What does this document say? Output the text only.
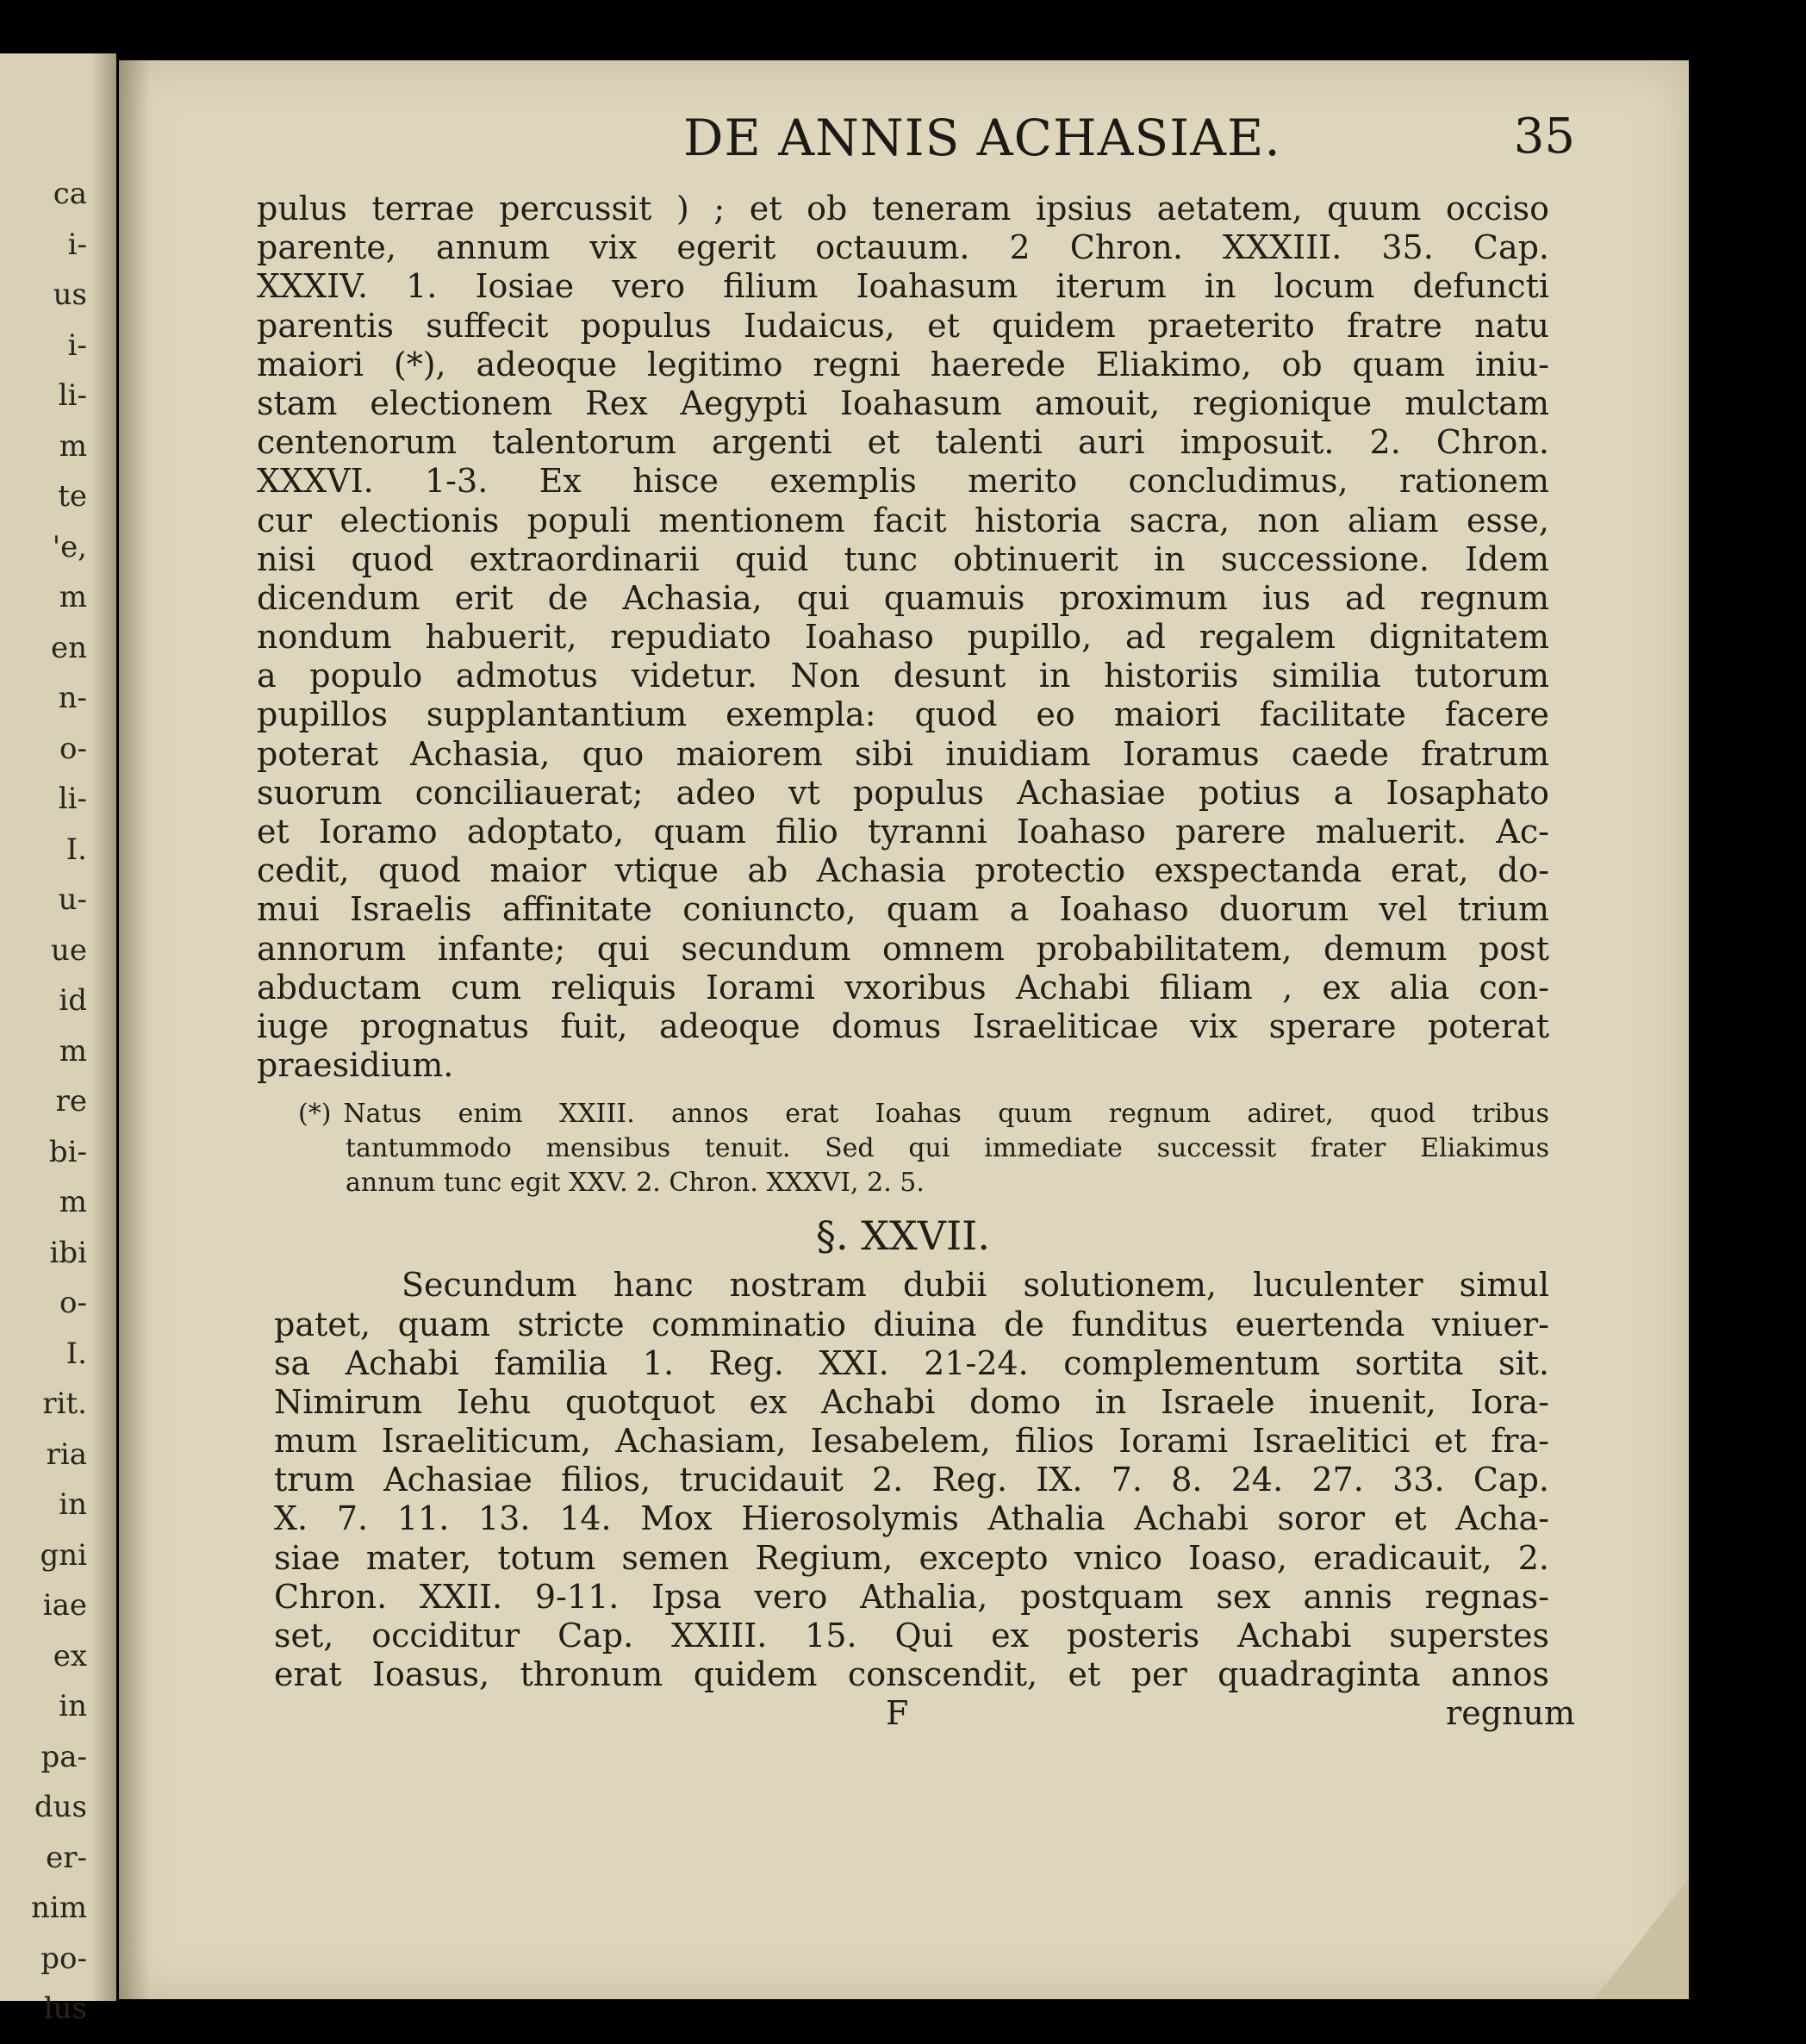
ca
i-
us
i-
li-
m
te
'e,
m
en
n-
o-
li-
I.
u-
ue
id
m
re
bi-
m
ibi
o-
I.
rit.
ria
in
gni
iae
ex
in
pa-
dus
er-
nim
po-
lus
DE ANNIS ACHASIAE.	35
pulus terrae percussit ) ; et ob teneram ipsius aetatem, quum occiso
parente, annum vix egerit octauum. 2 Chron. XXXIII. 35. Cap.
XXXIV. 1. Iosiae vero filium Ioahasum iterum in locum defuncti
parentis suffecit populus Iudaicus, et quidem praeterito fratre natu
maiori (*), adeoque legitimo regni haerede Eliakimo, ob quam iniu-
stam electionem Rex Aegypti Ioahasum amouit, regionique mulctam
centenorum talentorum argenti et talenti auri imposuit. 2. Chron.
XXXVI. 1-3. Ex hisce exemplis merito concludimus, rationem
cur electionis populi mentionem facit historia sacra, non aliam esse,
nisi quod extraordinarii quid tunc obtinuerit in successione. Idem
dicendum erit de Achasia, qui quamuis proximum ius ad regnum
nondum habuerit, repudiato Ioahaso pupillo, ad regalem dignitatem
a populo admotus videtur. Non desunt in historiis similia tutorum
pupillos supplantantium exempla: quod eo maiori facilitate facere
poterat Achasia, quo maiorem sibi inuidiam Ioramus caede fratrum
suorum conciliauerat; adeo vt populus Achasiae potius a Iosaphato
et Ioramo adoptato, quam filio tyranni Ioahaso parere maluerit. Ac-
cedit, quod maior vtique ab Achasia protectio exspectanda erat, do-
mui Israelis affinitate coniuncto, quam a Ioahaso duorum vel trium
annorum infante; qui secundum omnem probabilitatem, demum post
abductam cum reliquis Iorami vxoribus Achabi filiam , ex alia con-
iuge prognatus fuit, adeoque domus Israeliticae vix sperare poterat
praesidium.
(*) Natus enim XXIII. annos erat Ioahas quum regnum adiret, quod tribus
tantummodo mensibus tenuit. Sed qui immediate successit frater Eliakimus
annum tunc egit XXV. 2. Chron. XXXVI, 2. 5.
§. XXVII.
Secundum hanc nostram dubii solutionem, luculenter simul
patet, quam stricte comminatio diuina de funditus euertenda vniuer-
sa Achabi familia 1. Reg. XXI. 21-24. complementum sortita sit.
Nimirum Iehu quotquot ex Achabi domo in Israele inuenit, Iora-
mum Israeliticum, Achasiam, Iesabelem, filios Iorami Israelitici et fra-
trum Achasiae filios, trucidauit 2. Reg. IX. 7. 8. 24. 27. 33. Cap.
X. 7. 11. 13. 14. Mox Hierosolymis Athalia Achabi soror et Acha-
siae mater, totum semen Regium, excepto vnico Ioaso, eradicauit, 2.
Chron. XXII. 9-11. Ipsa vero Athalia, postquam sex annis regnas-
set, occiditur Cap. XXIII. 15. Qui ex posteris Achabi superstes
erat Ioasus, thronum quidem conscendit, et per quadraginta annos
F	regnum
